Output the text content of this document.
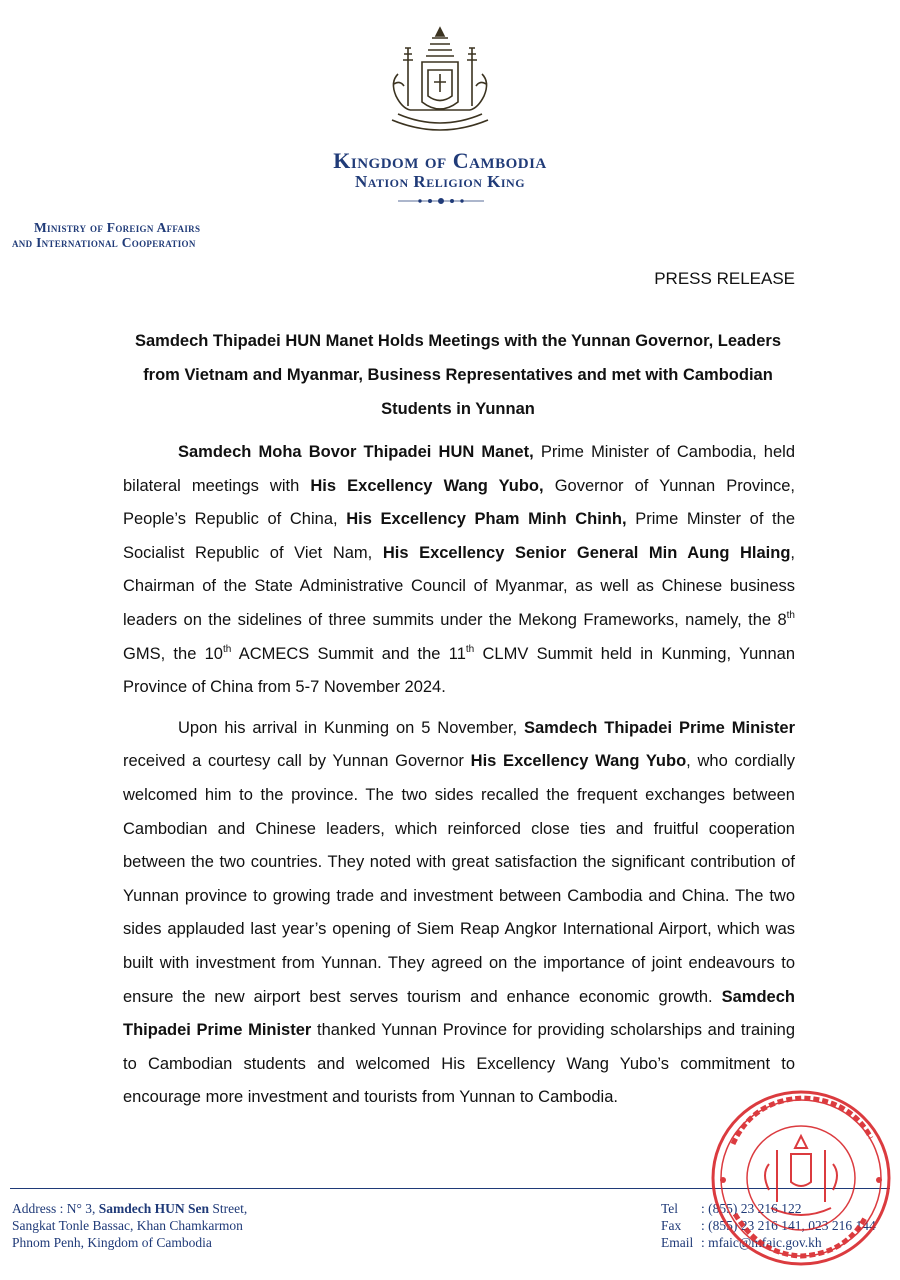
Kingdom of Cambodia
Nation Religion King
Ministry of Foreign Affairs
and International Cooperation
PRESS RELEASE
Samdech Thipadei HUN Manet Holds Meetings with the Yunnan Governor, Leaders from Vietnam and Myanmar, Business Representatives and met with Cambodian Students in Yunnan

Samdech Moha Bovor Thipadei HUN Manet, Prime Minister of Cambodia, held bilateral meetings with His Excellency Wang Yubo, Governor of Yunnan Province, People’s Republic of China, His Excellency Pham Minh Chinh, Prime Minster of the Socialist Republic of Viet Nam, His Excellency Senior General Min Aung Hlaing, Chairman of the State Administrative Council of Myanmar, as well as Chinese business leaders on the sidelines of three summits under the Mekong Frameworks, namely, the 8th GMS, the 10th ACMECS Summit and the 11th CLMV Summit held in Kunming, Yunnan Province of China from 5-7 November 2024.

Upon his arrival in Kunming on 5 November, Samdech Thipadei Prime Minister received a courtesy call by Yunnan Governor His Excellency Wang Yubo, who cordially welcomed him to the province. The two sides recalled the frequent exchanges between Cambodian and Chinese leaders, which reinforced close ties and fruitful cooperation between the two countries. They noted with great satisfaction the significant contribution of Yunnan province to growing trade and investment between Cambodia and China. The two sides applauded last year’s opening of Siem Reap Angkor International Airport, which was built with investment from Yunnan. They agreed on the importance of joint endeavours to ensure the new airport best serves tourism and enhance economic growth. Samdech Thipadei Prime Minister thanked Yunnan Province for providing scholarships and training to Cambodian students and welcomed His Excellency Wang Yubo’s commitment to encourage more investment and tourists from Yunnan to Cambodia.

Address : N° 3, Samdech HUN Sen Street,
Sangkat Tonle Bassac, Khan Chamkarmon
Phnom Penh, Kingdom of Cambodia
Tel : (855) 23 216 122
Fax : (855) 23 216 141, 023 216 144
Email : mfaic@mfaic.gov.kh
